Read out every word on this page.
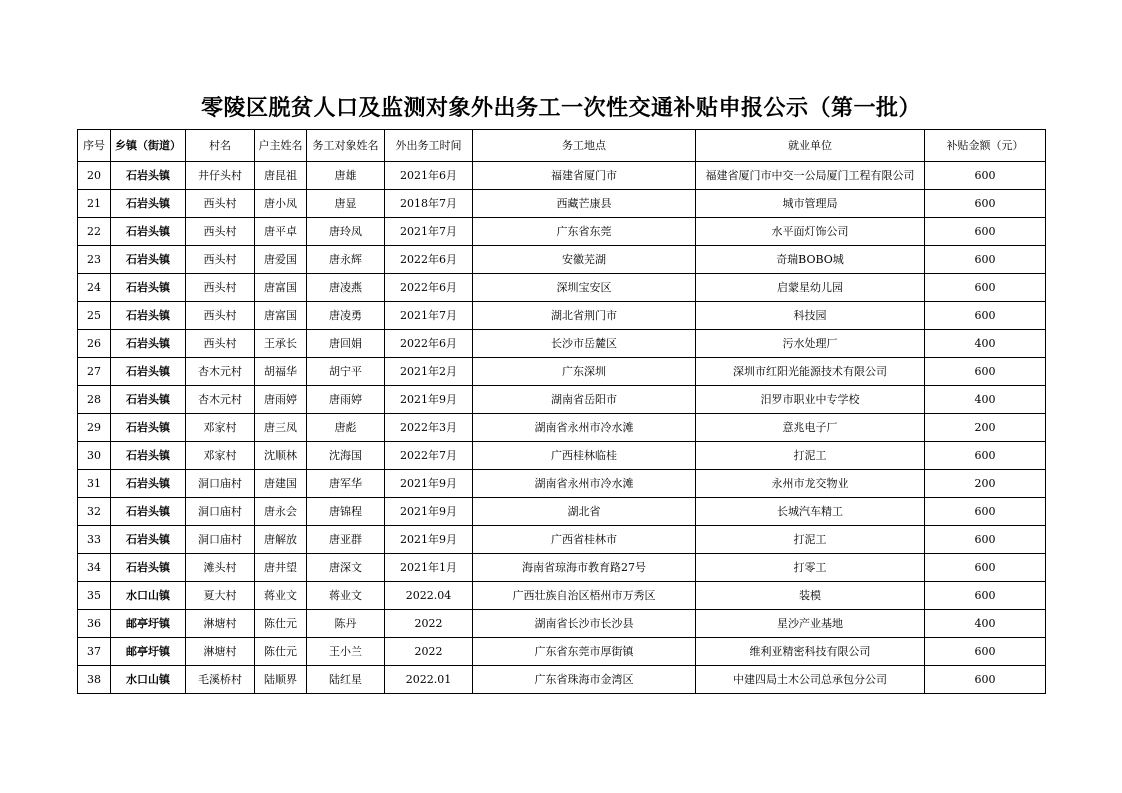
零陵区脱贫人口及监测对象外出务工一次性交通补贴申报公示（第一批）
序号	乡镇（街道）	村名	户主姓名	务工对象姓名	外出务工时间	务工地点	就业单位	补贴金额（元）
20	石岩头镇	井仔头村	唐昆祖	唐雄	2021年6月	福建省厦门市	福建省厦门市中交一公局厦门工程有限公司	600
21	石岩头镇	西头村	唐小凤	唐显	2018年7月	西藏芒康县	城市管理局	600
22	石岩头镇	西头村	唐平卓	唐玲凤	2021年7月	广东省东莞	水平面灯饰公司	600
23	石岩头镇	西头村	唐爱国	唐永辉	2022年6月	安徽芜湖	奇瑞BOBO城	600
24	石岩头镇	西头村	唐富国	唐凌燕	2022年6月	深圳宝安区	启蒙星幼儿园	600
25	石岩头镇	西头村	唐富国	唐凌勇	2021年7月	湖北省荆门市	科技园	600
26	石岩头镇	西头村	王承长	唐回娟	2022年6月	长沙市岳麓区	污水处理厂	400
27	石岩头镇	杏木元村	胡福华	胡宁平	2021年2月	广东深圳	深圳市红阳光能源技术有限公司	600
28	石岩头镇	杏木元村	唐雨婷	唐雨婷	2021年9月	湖南省岳阳市	汨罗市职业中专学校	400
29	石岩头镇	邓家村	唐三凤	唐彪	2022年3月	湖南省永州市冷水滩	意兆电子厂	200
30	石岩头镇	邓家村	沈顺林	沈海国	2022年7月	广西桂林临桂	打泥工	600
31	石岩头镇	洞口庙村	唐建国	唐军华	2021年9月	湖南省永州市冷水滩	永州市龙交物业	200
32	石岩头镇	洞口庙村	唐永会	唐锦程	2021年9月	湖北省	长城汽车精工	600
33	石岩头镇	洞口庙村	唐解放	唐亚群	2021年9月	广西省桂林市	打泥工	600
34	石岩头镇	滩头村	唐井望	唐深文	2021年1月	海南省琼海市教育路27号	打零工	600
35	水口山镇	夏大村	蒋业文	蒋业文	2022.04	广西壮族自治区梧州市万秀区	装模	600
36	邮亭圩镇	淋塘村	陈仕元	陈丹	2022	湖南省长沙市长沙县	星沙产业基地	400
37	邮亭圩镇	淋塘村	陈仕元	王小兰	2022	广东省东莞市厚街镇	维利亚精密科技有限公司	600
38	水口山镇	毛溪桥村	陆顺界	陆红星	2022.01	广东省珠海市金湾区	中建四局土木公司总承包分公司	600
